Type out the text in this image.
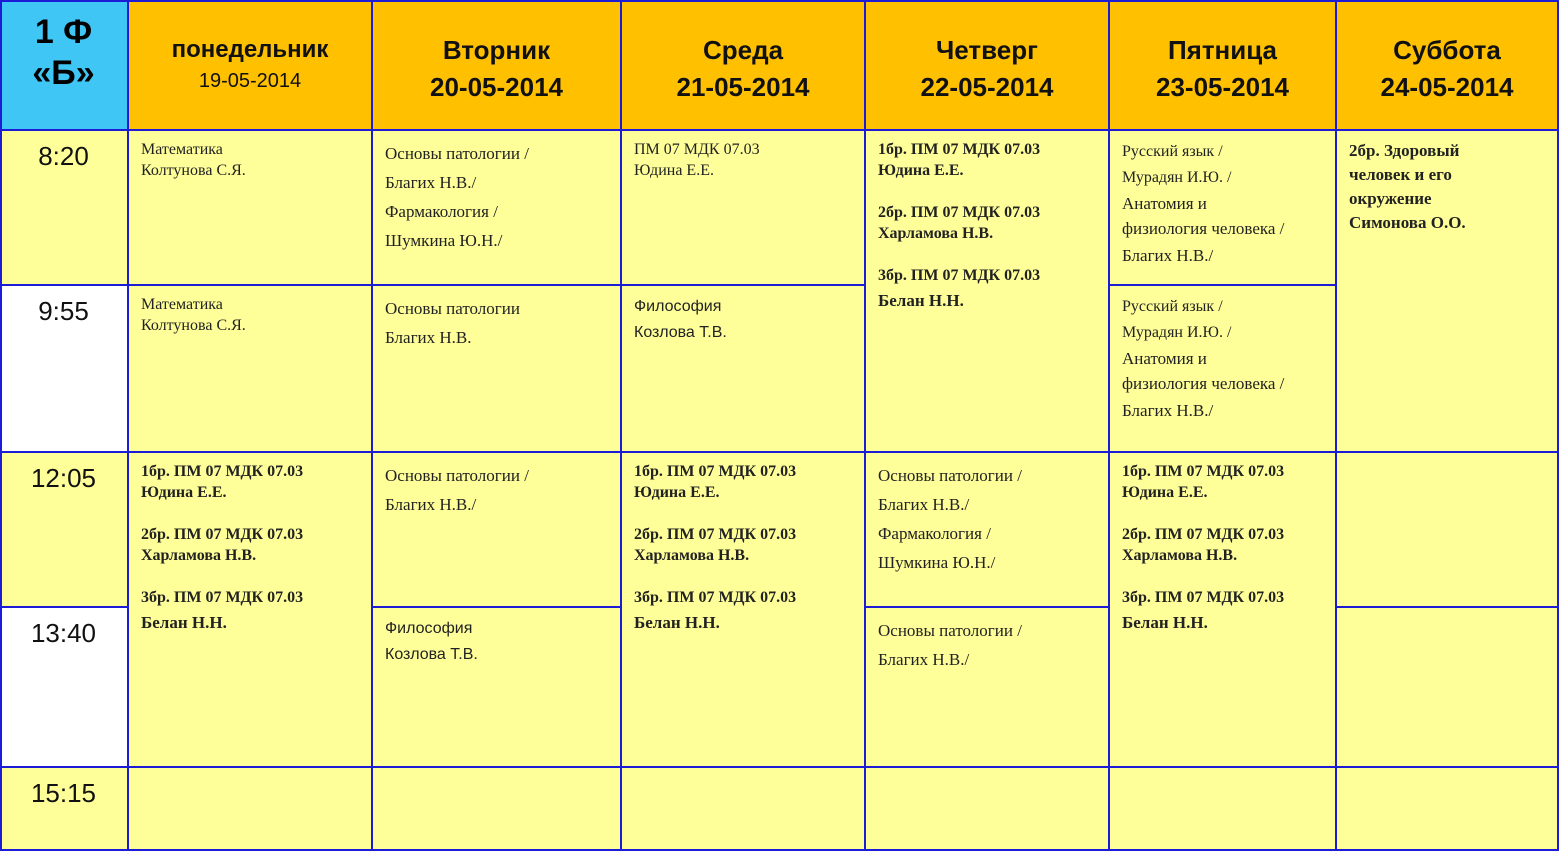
1 Ф
«Б»
понедельник
19-05-2014
Вторник
20-05-2014
Среда
21-05-2014
Четверг
22-05-2014
Пятница
23-05-2014
Суббота
24-05-2014
8:20
9:55
12:05
13:40
15:15
Математика
Колтунова С.Я.
Математика
Колтунова С.Я.
1бр. ПМ 07 МДК 07.03
Юдина Е.Е.
2бр. ПМ 07 МДК 07.03
Харламова Н.В.
3бр. ПМ 07 МДК 07.03
Белан Н.Н.
Основы патологии /
Благих Н.В./
Фармакология /
Шумкина Ю.Н./
Основы патологии
Благих Н.В.
Основы патологии /
Благих Н.В./
Философия
Козлова Т.В.
ПМ 07 МДК 07.03
Юдина Е.Е.
Философия
Козлова Т.В.
1бр. ПМ 07 МДК 07.03
Юдина Е.Е.
2бр. ПМ 07 МДК 07.03
Харламова Н.В.
3бр. ПМ 07 МДК 07.03
Белан Н.Н.
1бр. ПМ 07 МДК 07.03
Юдина Е.Е.
2бр. ПМ 07 МДК 07.03
Харламова Н.В.
3бр. ПМ 07 МДК 07.03
Белан Н.Н.
Основы патологии /
Благих Н.В./
Фармакология /
Шумкина Ю.Н./
Основы патологии /
Благих Н.В./
Русский язык /
Мурадян И.Ю. /
Анатомия и
физиология человека /
Благих Н.В./
Русский язык /
Мурадян И.Ю. /
Анатомия и
физиология человека /
Благих Н.В./
1бр. ПМ 07 МДК 07.03
Юдина Е.Е.
2бр. ПМ 07 МДК 07.03
Харламова Н.В.
3бр. ПМ 07 МДК 07.03
Белан Н.Н.
2бр. Здоровый
человек и его
окружение
Симонова О.О.
